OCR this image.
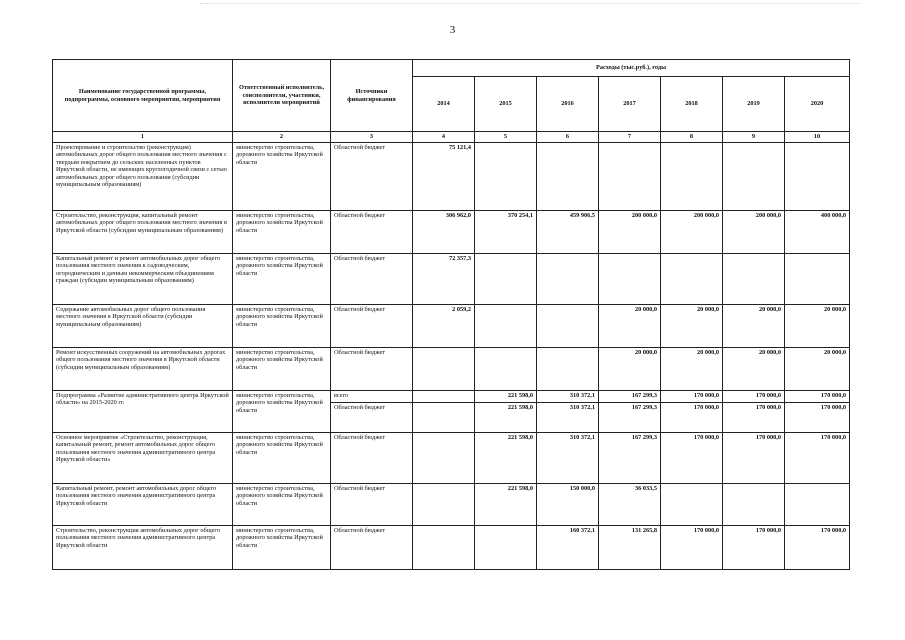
3
Наименование государственной программы, подпрограммы, основного мероприятия, мероприятия	Ответственный исполнитель, соисполнители, участники, исполнители мероприятий	Источники финансирования	Расходы (тыс.руб.), годы						
			2014	2015	2016	2017	2018	2019	2020
1	2	3	4	5	6	7	8	9	10
Проектирование и строительство (реконструкция) автомобильных дорог общего пользования местного значения с твердым покрытием до сельских населенных пунктов Иркутской области, не имеющих круглогодичной связи с сетью автомобильных дорог общего пользования (субсидии муниципальным образованиям)	министерство строительства, дорожного хозяйства Иркутской области	Областной бюджет	75 121,4						
Строительство, реконструкция, капитальный ремонт автомобильных дорог общего пользования местного значения в Иркутской области (субсидии муниципальным образованиям)	министерство строительства, дорожного хозяйства Иркутской области	Областной бюджет	306 962,0	370 254,1	459 906,5	200 000,0	200 000,0	200 000,0	400 000,0
Капитальный ремонт и ремонт автомобильных дорог общего пользования местного значения к садоводческим, огородническим и дачным некоммерческим объединениям граждан (субсидии муниципальным образованиям)	министерство строительства, дорожного хозяйства Иркутской области	Областной бюджет	72 357,3						
Содержание автомобильных дорог общего пользования местного значения в Иркутской области (субсидии муниципальным образованиям)	министерство строительства, дорожного хозяйства Иркутской области	Областной бюджет	2 059,2			20 000,0	20 000,0	20 000,0	20 000,0
Ремонт искусственных сооружений на автомобильных дорогах общего пользования местного значения в Иркутской области (субсидии муниципальным образованиям)	министерство строительства, дорожного хозяйства Иркутской области	Областной бюджет				20 000,0	20 000,0	20 000,0	20 000,0
Подпрограмма «Развитие административного центра Иркутской области» на 2015-2020 гг.	министерство строительства, дорожного хозяйства Иркутской области	всего		221 598,0	310 372,1	167 299,3	170 000,0	170 000,0	170 000,0
		Областной бюджет		221 598,0	310 372,1	167 299,3	170 000,0	170 000,0	170 000,0
Основное мероприятие «Строительство, реконструкция, капитальный ремонт, ремонт автомобильных дорог общего пользования местного значения административного центра Иркутской области»	министерство строительства, дорожного хозяйства Иркутской области	Областной бюджет		221 598,0	310 372,1	167 299,3	170 000,0	170 000,0	170 000,0
Капитальный ремонт, ремонт автомобильных дорог общего пользования местного значения административного центра Иркутской области	министерство строительства, дорожного хозяйства Иркутской области	Областной бюджет		221 598,0	150 000,0	36 033,5			
Строительство, реконструкция автомобильных дорог общего пользования местного значения административного центра Иркутской области	министерство строительства, дорожного хозяйства Иркутской области	Областной бюджет			160 372,1	131 265,8	170 000,0	170 000,0	170 000,0
